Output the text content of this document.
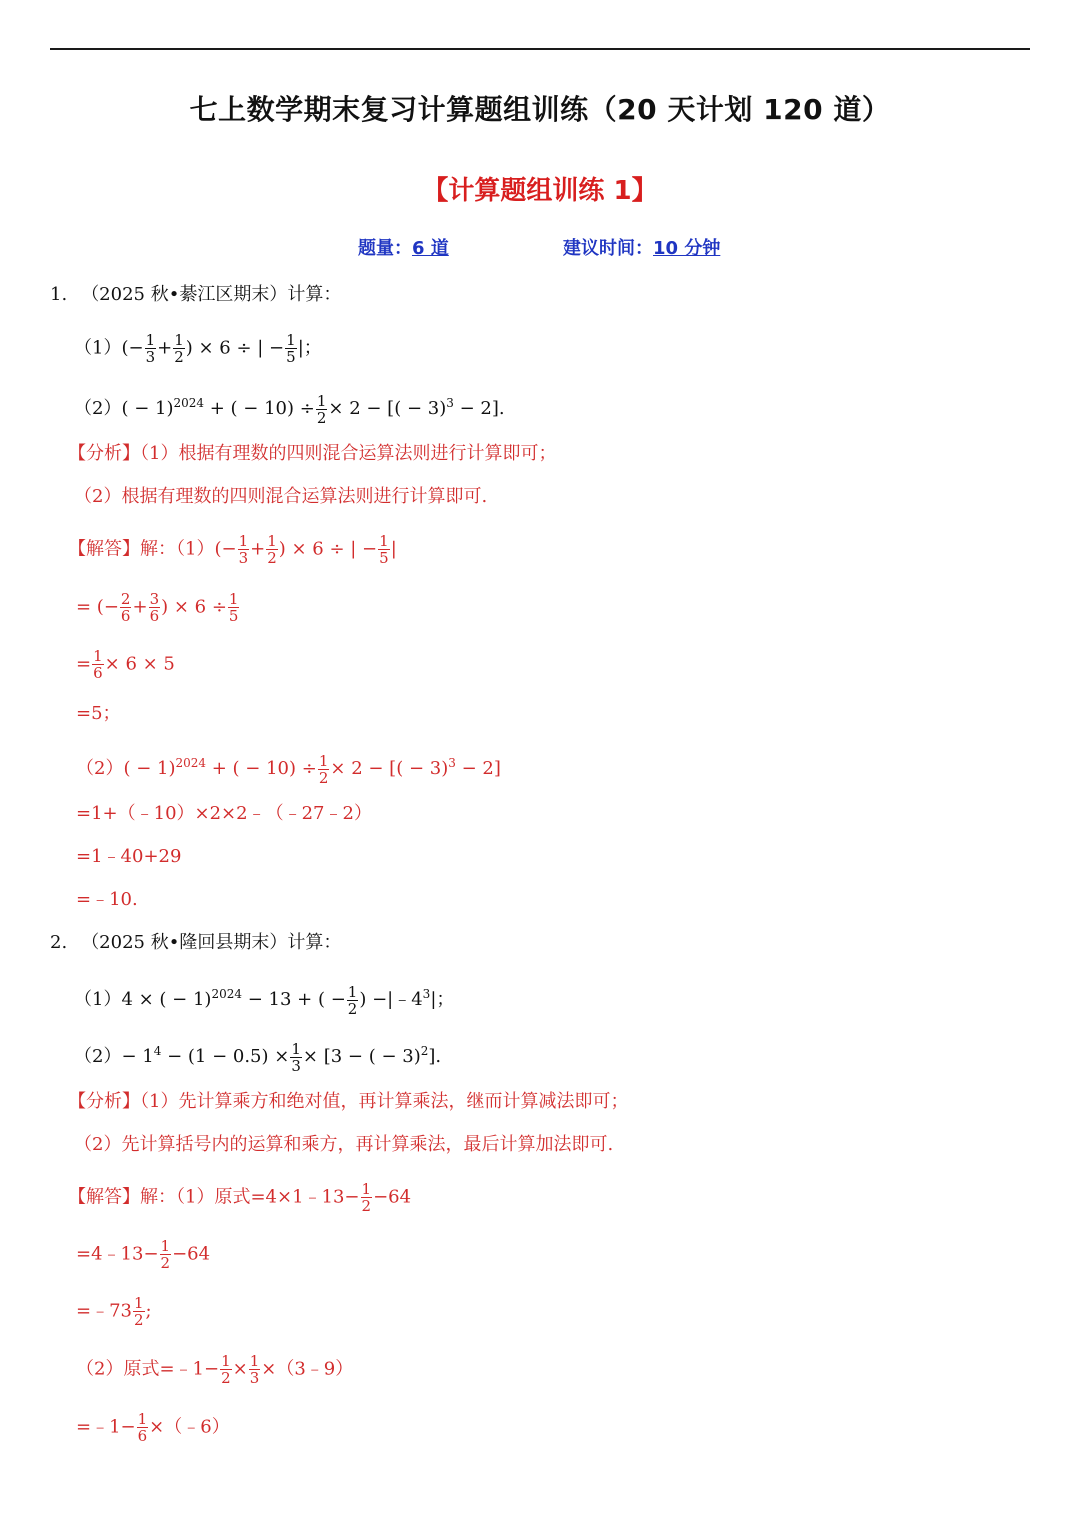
七上数学期末复习计算题组训练（20 天计划 120 道）
【计算题组训练 1】
题量：6 道	建议时间：10 分钟
1. （2025 秋•綦江区期末）计算：
$(1)(- \frac{1}{3} + \frac{1}{2}$ ) × 6 ÷ | − $\frac{1}{5}$ |；
$(2)( - 1)^{2024}$ + ( − $10) \div \frac{1}{2} \times 2$ − [( − 3)$^3$ − 2].
【分析】（1）根据有理数的四则混合运算法则进行计算即可；
（2）根据有理数的四则混合运算法则进行计算即可.
【解答】解：$(1)(- \frac{1}{3} + \frac{1}{2}$ ) × 6 ÷ | − $\frac{1}{5}$ |
= (− $\frac{2}{6} + \frac{3}{6}$ ) × $6 \div \frac{1}{5}$
= $\frac{1}{6} \times 6 \times 5$
=5；
$(2)( - 1)^{2024}$ + ( − $10) \div \frac{1}{2} \times 2$ − [( − 3)$^3$ − 2]
=1+（﹣10）×2×2﹣（﹣27﹣2）
=1﹣40+29
=﹣10.
2. （2025 秋•隆回县期末）计算：
（1）4 × ( − 1)$^{2024}$ − 13 + ( − $\frac{1}{2}$ ) $-|﹣4^3|$；
$(2)- 1^4 - (1 - 0.5) \times \frac{1}{3} \times [3$ − ( − 3)$^2$].
【分析】（1）先计算乘方和绝对值，再计算乘法，继而计算减法即可；
（2）先计算括号内的运算和乘方，再计算乘法，最后计算加法即可.
【解答】解：（1）原式=4×1﹣13− $\frac{1}{2} -64$
=4﹣13− $\frac{1}{2} -64$
=﹣73 $\frac{1}{2}$ ;
（2）原式=﹣1− $\frac{1}{2} \times \frac{1}{3}$ ×（3﹣9）
=﹣1− $\frac{1}{6}$ ×（﹣6）
